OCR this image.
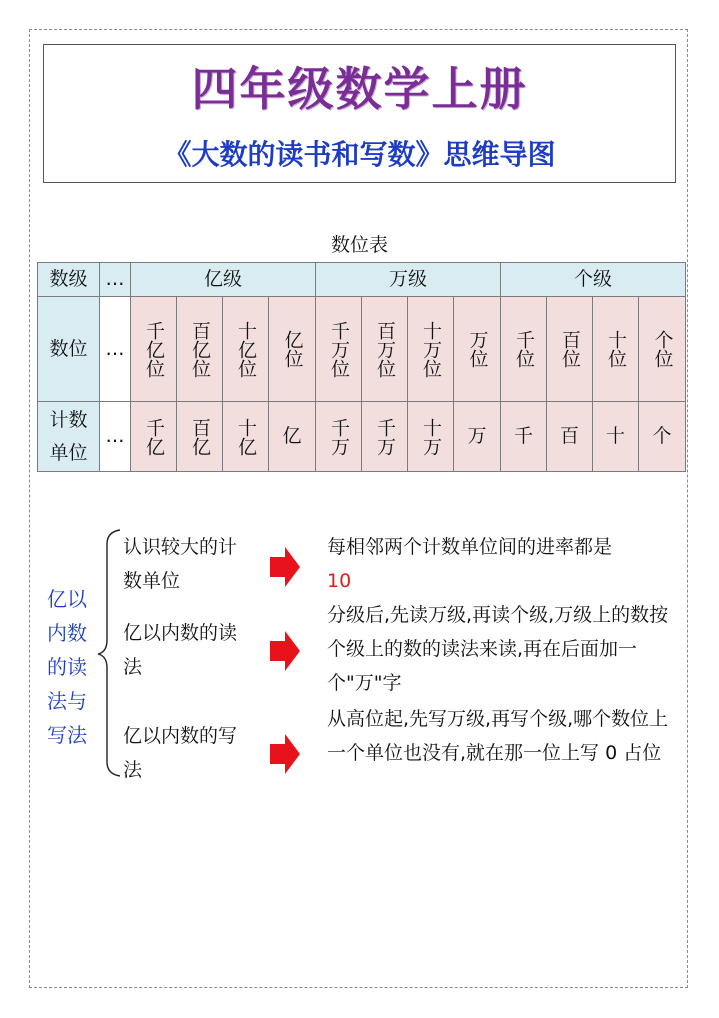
四年级数学上册
《大数的读书和写数》思维导图
数位表
数级	…	亿级				万级				个级			
数位	…	千亿位	百亿位	十亿位	亿位	千万位	百万位	十万位	万位	千位	百位	十位	个位
计数单位	…	千亿	百亿	十亿	亿	千万	千万	十万	万	千	百	十	个
亿以内数的读法与写法
认识较大的计数单位
亿以内数的读法
亿以内数的写法
每相邻两个计数单位间的进率都是
10
分级后,先读万级,再读个级,万级上的数按个级上的数的读法来读,再在后面加一个"万"字
从高位起,先写万级,再写个级,哪个数位上一个单位也没有,就在那一位上写 0 占位
